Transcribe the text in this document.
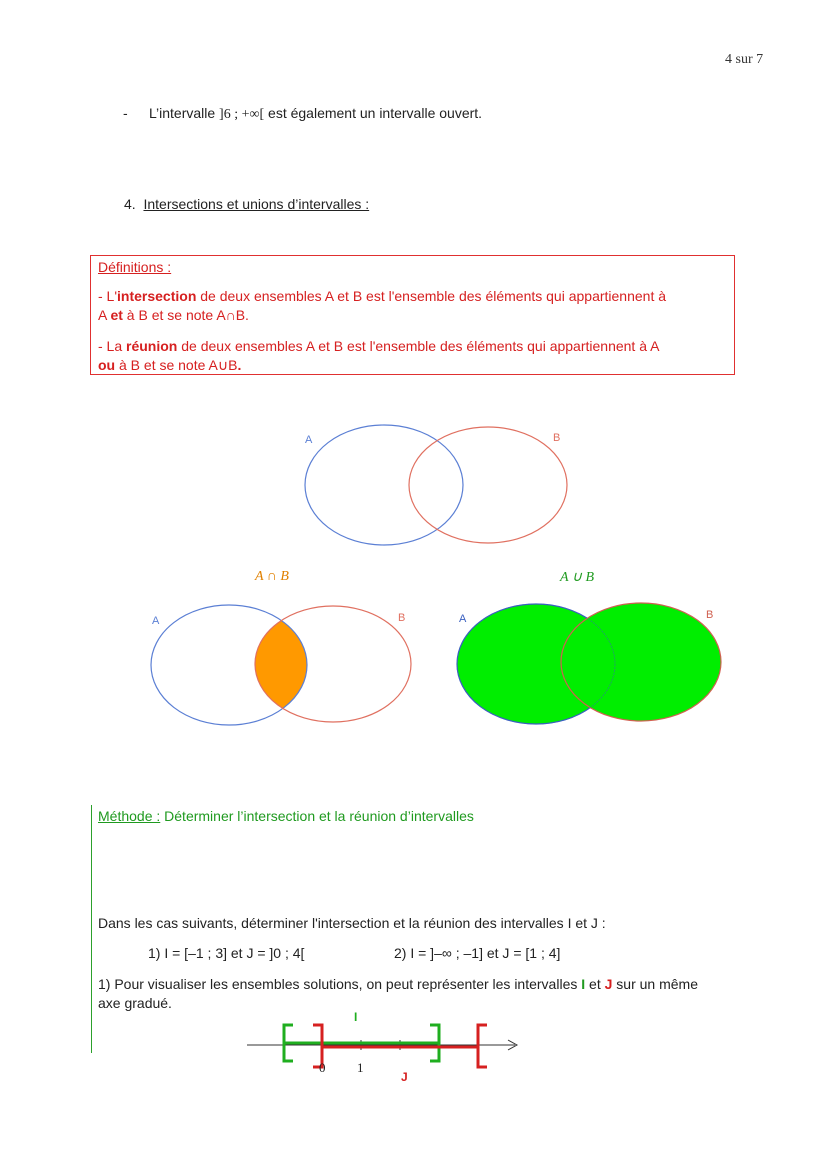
4 sur 7
- L’intervalle ]6 ; +∞[ est également un intervalle ouvert.
4. Intersections et unions d’intervalles :
Définitions :
- L'intersection de deux ensembles A et B est l'ensemble des éléments qui appartiennent à
A et à B et se note A∩B.
- La réunion de deux ensembles A et B est l'ensemble des éléments qui appartiennent à A
ou à B et se note A∪B.
A	B
A ∩ B	A ∪ B
A	B	A	B
Méthode : Déterminer l’intersection et la réunion d’intervalles
Dans les cas suivants, déterminer l'intersection et la réunion des intervalles I et J :
1) I = [–1 ; 3] et J = ]0 ; 4[	2) I = ]–∞ ; –1] et J = [1 ; 4]
1) Pour visualiser les ensembles solutions, on peut représenter les intervalles I et J sur un même
axe gradué.
0 1
I
J
